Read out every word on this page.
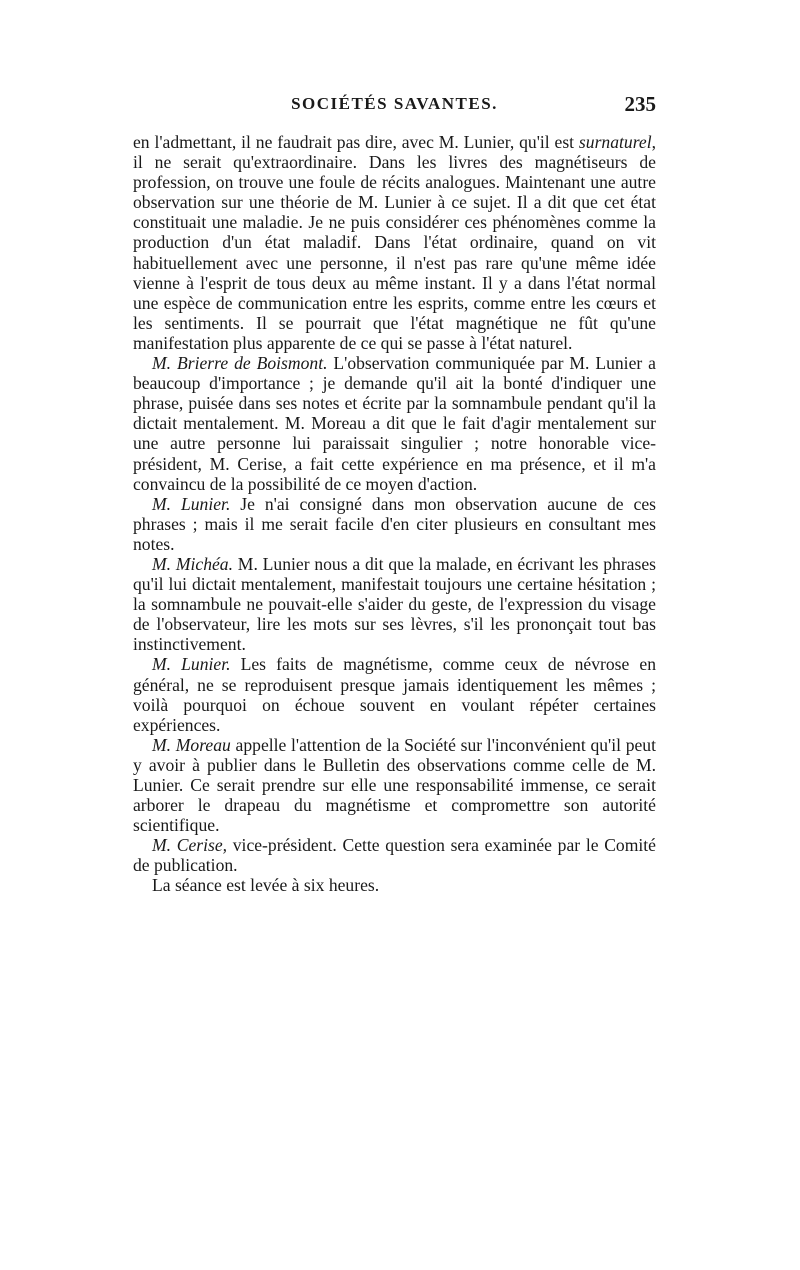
SOCIÉTÉS SAVANTES.	235

en l'admettant, il ne faudrait pas dire, avec M. Lunier, qu'il est surnaturel, il ne serait qu'extraordinaire. Dans les livres des magnétiseurs de profession, on trouve une foule de récits analogues. Maintenant une autre observation sur une théorie de M. Lunier à ce sujet. Il a dit que cet état constituait une maladie. Je ne puis considérer ces phénomènes comme la production d'un état maladif. Dans l'état ordinaire, quand on vit habituellement avec une personne, il n'est pas rare qu'une même idée vienne à l'esprit de tous deux au même instant. Il y a dans l'état normal une espèce de communication entre les esprits, comme entre les cœurs et les sentiments. Il se pourrait que l'état magnétique ne fût qu'une manifestation plus apparente de ce qui se passe à l'état naturel.

M. Brierre de Boismont. L'observation communiquée par M. Lunier a beaucoup d'importance ; je demande qu'il ait la bonté d'indiquer une phrase, puisée dans ses notes et écrite par la somnambule pendant qu'il la dictait mentalement. M. Moreau a dit que le fait d'agir mentalement sur une autre personne lui paraissait singulier ; notre honorable vice-président, M. Cerise, a fait cette expérience en ma présence, et il m'a convaincu de la possibilité de ce moyen d'action.

M. Lunier. Je n'ai consigné dans mon observation aucune de ces phrases ; mais il me serait facile d'en citer plusieurs en consultant mes notes.

M. Michéa. M. Lunier nous a dit que la malade, en écrivant les phrases qu'il lui dictait mentalement, manifestait toujours une certaine hésitation ; la somnambule ne pouvait-elle s'aider du geste, de l'expression du visage de l'observateur, lire les mots sur ses lèvres, s'il les prononçait tout bas instinctivement.

M. Lunier. Les faits de magnétisme, comme ceux de névrose en général, ne se reproduisent presque jamais identiquement les mêmes ; voilà pourquoi on échoue souvent en voulant répéter certaines expériences.

M. Moreau appelle l'attention de la Société sur l'inconvénient qu'il peut y avoir à publier dans le Bulletin des observations comme celle de M. Lunier. Ce serait prendre sur elle une responsabilité immense, ce serait arborer le drapeau du magnétisme et compromettre son autorité scientifique.

M. Cerise, vice-président. Cette question sera examinée par le Comité de publication.

La séance est levée à six heures.
